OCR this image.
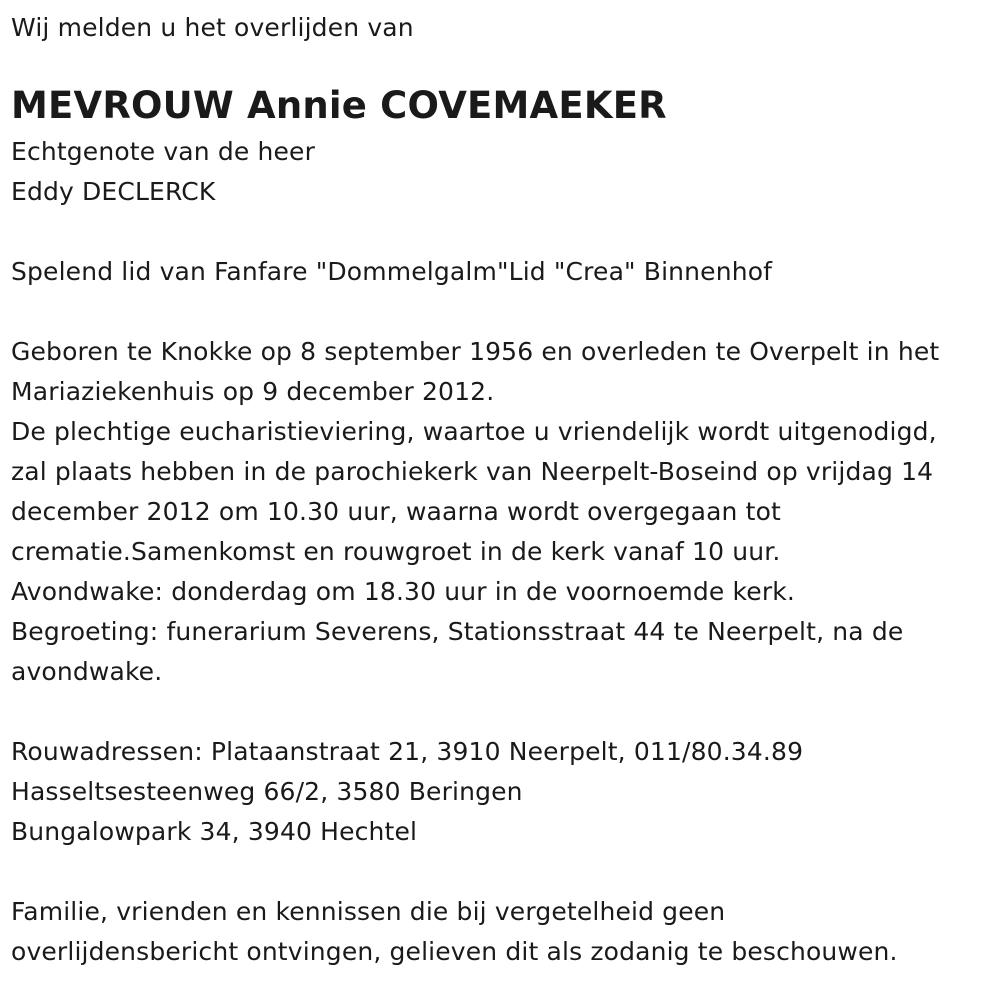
Wij melden u het overlijden van
MEVROUW Annie COVEMAEKER
Echtgenote van de heer
Eddy DECLERCK
Spelend lid van Fanfare "Dommelgalm"Lid "Crea" Binnenhof
Geboren te Knokke op 8 september 1956 en overleden te Overpelt in het
Mariaziekenhuis op 9 december 2012.
De plechtige eucharistieviering, waartoe u vriendelijk wordt uitgenodigd,
zal plaats hebben in de parochiekerk van Neerpelt-Boseind op vrijdag 14
december 2012 om 10.30 uur, waarna wordt overgegaan tot
crematie.Samenkomst en rouwgroet in de kerk vanaf 10 uur.
Avondwake: donderdag om 18.30 uur in de voornoemde kerk.
Begroeting: funerarium Severens, Stationsstraat 44 te Neerpelt, na de
avondwake.
Rouwadressen: Plataanstraat 21, 3910 Neerpelt, 011/80.34.89
Hasseltsesteenweg 66/2, 3580 Beringen
Bungalowpark 34, 3940 Hechtel
Familie, vrienden en kennissen die bij vergetelheid geen
overlijdensbericht ontvingen, gelieven dit als zodanig te beschouwen.
